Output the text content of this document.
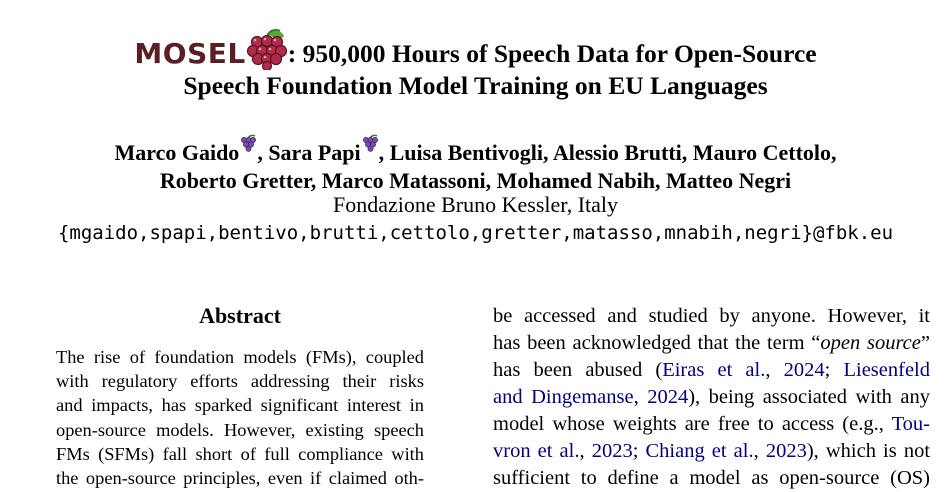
MOSEL : 950,000 Hours of Speech Data for Open-Source
Speech Foundation Model Training on EU Languages
Marco Gaido , Sara Papi , Luisa Bentivogli, Alessio Brutti, Mauro Cettolo,
Roberto Gretter, Marco Matassoni, Mohamed Nabih, Matteo Negri
Fondazione Bruno Kessler, Italy
{mgaido,spapi,bentivo,brutti,cettolo,gretter,matasso,mnabih,negri}@fbk.eu
Abstract
The rise of foundation models (FMs), coupled
with regulatory efforts addressing their risks
and impacts, has sparked significant interest in
open-source models. However, existing speech
FMs (SFMs) fall short of full compliance with
the open-source principles, even if claimed oth-
be accessed and studied by anyone. However, it
has been acknowledged that the term “open source”
has been abused (Eiras et al., 2024; Liesenfeld
and Dingemanse, 2024), being associated with any
model whose weights are free to access (e.g., Tou-
vron et al., 2023; Chiang et al., 2023), which is not
sufficient to define a model as open-source (OS)
